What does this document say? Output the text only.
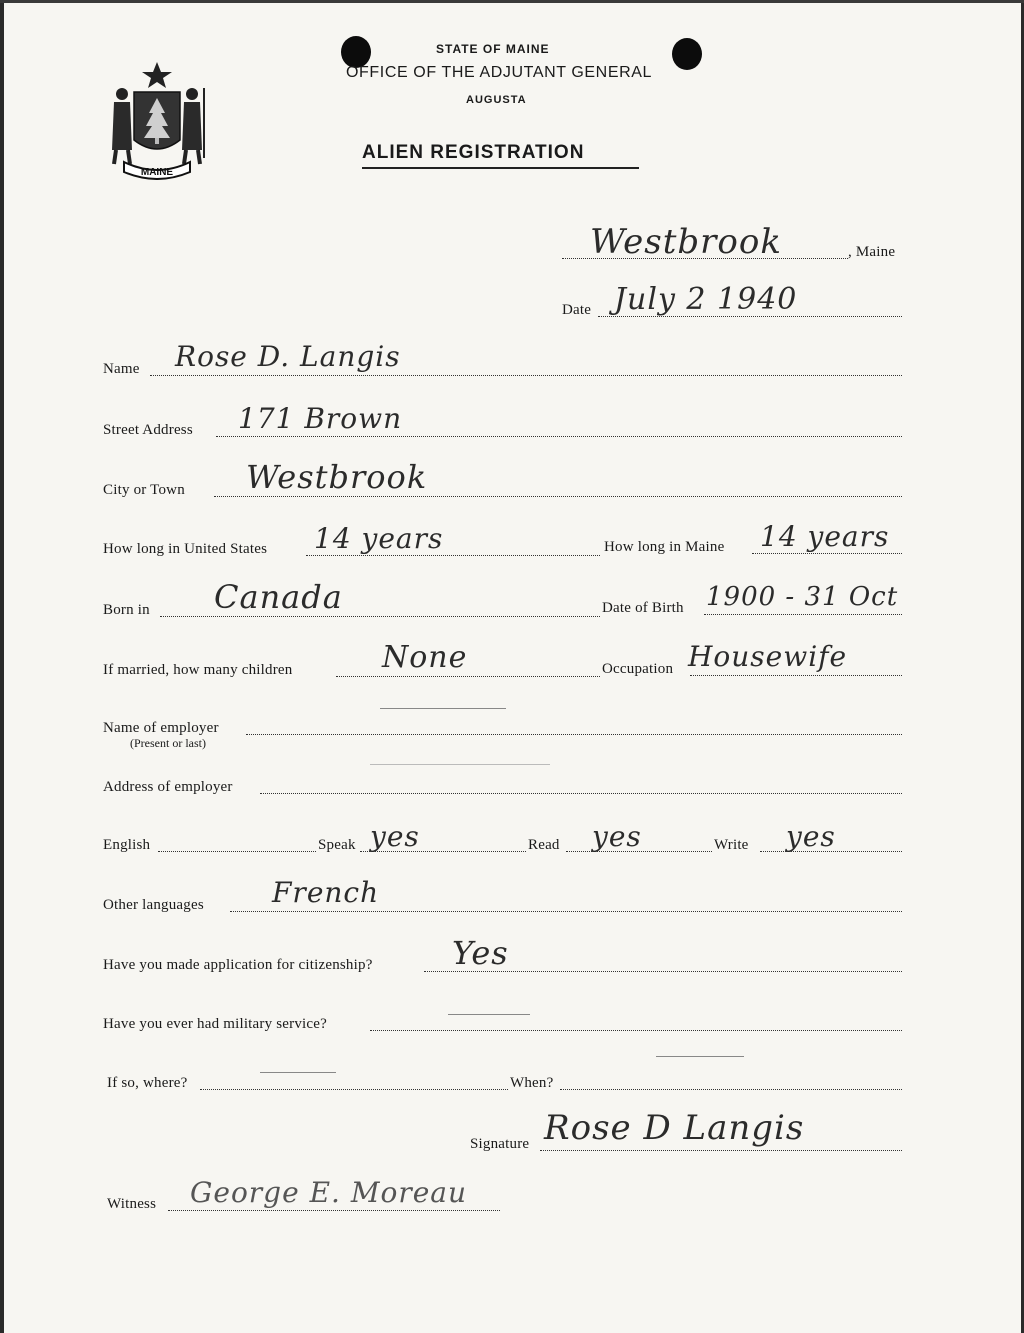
MAINE
STATE OF MAINE
OFFICE OF THE ADJUTANT GENERAL
AUGUSTA
ALIEN REGISTRATION
Westbrook	, Maine
Date July 2 1940
Name Rose D. Langis
Street Address 171 Brown
City or Town Westbrook
How long in United States 14 years	How long in Maine 14 years
Born in Canada	Date of Birth 1900 - 31 Oct
If married, how many children	None	Occupation Housewife
Name of employer
(Present or last)
Address of employer
English	Speak yes	Read yes	Write yes
Other languages French
Have you made application for citizenship? Yes
Have you ever had military service?
If so, where?	When?
Signature Rose D Langis
Witness George E. Moreau
